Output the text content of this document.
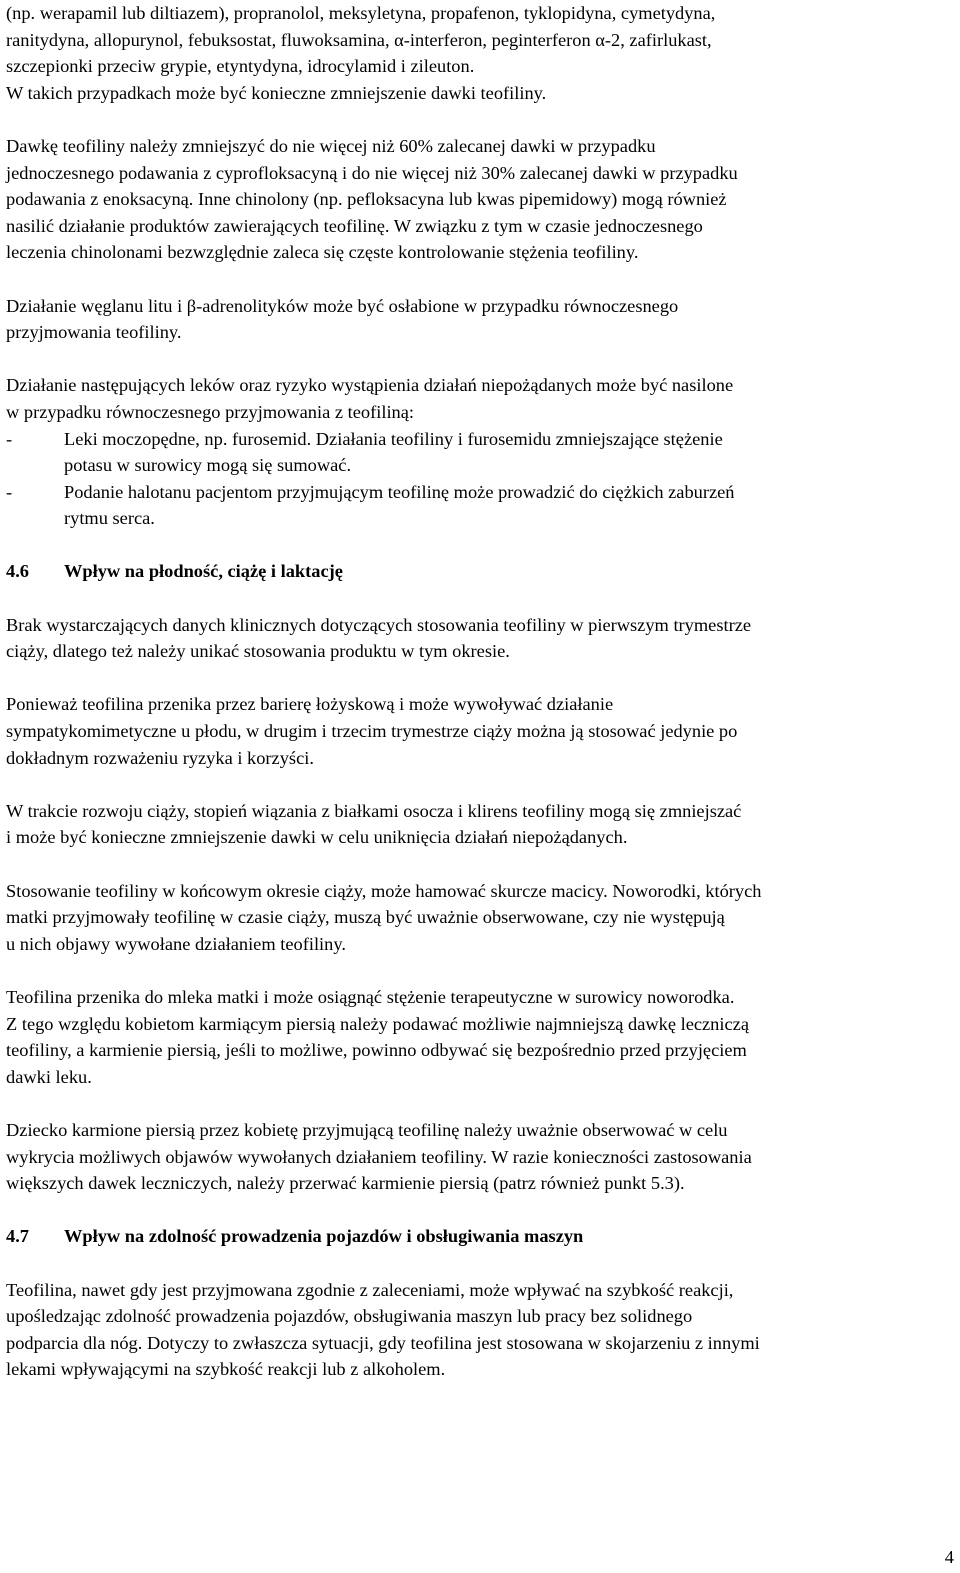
(np. werapamil lub diltiazem), propranolol, meksyletyna, propafenon, tyklopidyna, cymetydyna,
ranitydyna, allopurynol, febuksostat, fluwoksamina, α-interferon, peginterferon α-2, zafirlukast,
szczepionki przeciw grypie, etyntydyna, idrocylamid i zileuton.
W takich przypadkach może być konieczne zmniejszenie dawki teofiliny.
Dawkę teofiliny należy zmniejszyć do nie więcej niż 60% zalecanej dawki w przypadku
jednoczesnego podawania z cyprofloksacyną i do nie więcej niż 30% zalecanej dawki w przypadku
podawania z enoksacyną. Inne chinolony (np. pefloksacyna lub kwas pipemidowy) mogą również
nasilić działanie produktów zawierających teofilinę. W związku z tym w czasie jednoczesnego
leczenia chinolonami bezwzględnie zaleca się częste kontrolowanie stężenia teofiliny.
Działanie węglanu litu i β-adrenolityków może być osłabione w przypadku równoczesnego
przyjmowania teofiliny.
Działanie następujących leków oraz ryzyko wystąpienia działań niepożądanych może być nasilone
w przypadku równoczesnego przyjmowania z teofiliną:
-	Leki moczopędne, np. furosemid. Działania teofiliny i furosemidu zmniejszające stężenie
potasu w surowicy mogą się sumować.
-	Podanie halotanu pacjentom przyjmującym teofilinę może prowadzić do ciężkich zaburzeń
rytmu serca.
4.6 Wpływ na płodność, ciążę i laktację
Brak wystarczających danych klinicznych dotyczących stosowania teofiliny w pierwszym trymestrze
ciąży, dlatego też należy unikać stosowania produktu w tym okresie.
Ponieważ teofilina przenika przez barierę łożyskową i może wywoływać działanie
sympatykomimetyczne u płodu, w drugim i trzecim trymestrze ciąży można ją stosować jedynie po
dokładnym rozważeniu ryzyka i korzyści.
W trakcie rozwoju ciąży, stopień wiązania z białkami osocza i klirens teofiliny mogą się zmniejszać
i może być konieczne zmniejszenie dawki w celu uniknięcia działań niepożądanych.
Stosowanie teofiliny w końcowym okresie ciąży, może hamować skurcze macicy. Noworodki, których
matki przyjmowały teofilinę w czasie ciąży, muszą być uważnie obserwowane, czy nie występują
u nich objawy wywołane działaniem teofiliny.
Teofilina przenika do mleka matki i może osiągnąć stężenie terapeutyczne w surowicy noworodka.
Z tego względu kobietom karmiącym piersią należy podawać możliwie najmniejszą dawkę leczniczą
teofiliny, a karmienie piersią, jeśli to możliwe, powinno odbywać się bezpośrednio przed przyjęciem
dawki leku.
Dziecko karmione piersią przez kobietę przyjmującą teofilinę należy uważnie obserwować w celu
wykrycia możliwych objawów wywołanych działaniem teofiliny. W razie konieczności zastosowania
większych dawek leczniczych, należy przerwać karmienie piersią (patrz również punkt 5.3).
4.7 Wpływ na zdolność prowadzenia pojazdów i obsługiwania maszyn
Teofilina, nawet gdy jest przyjmowana zgodnie z zaleceniami, może wpływać na szybkość reakcji,
upośledzając zdolność prowadzenia pojazdów, obsługiwania maszyn lub pracy bez solidnego
podparcia dla nóg. Dotyczy to zwłaszcza sytuacji, gdy teofilina jest stosowana w skojarzeniu z innymi
lekami wpływającymi na szybkość reakcji lub z alkoholem.
4
